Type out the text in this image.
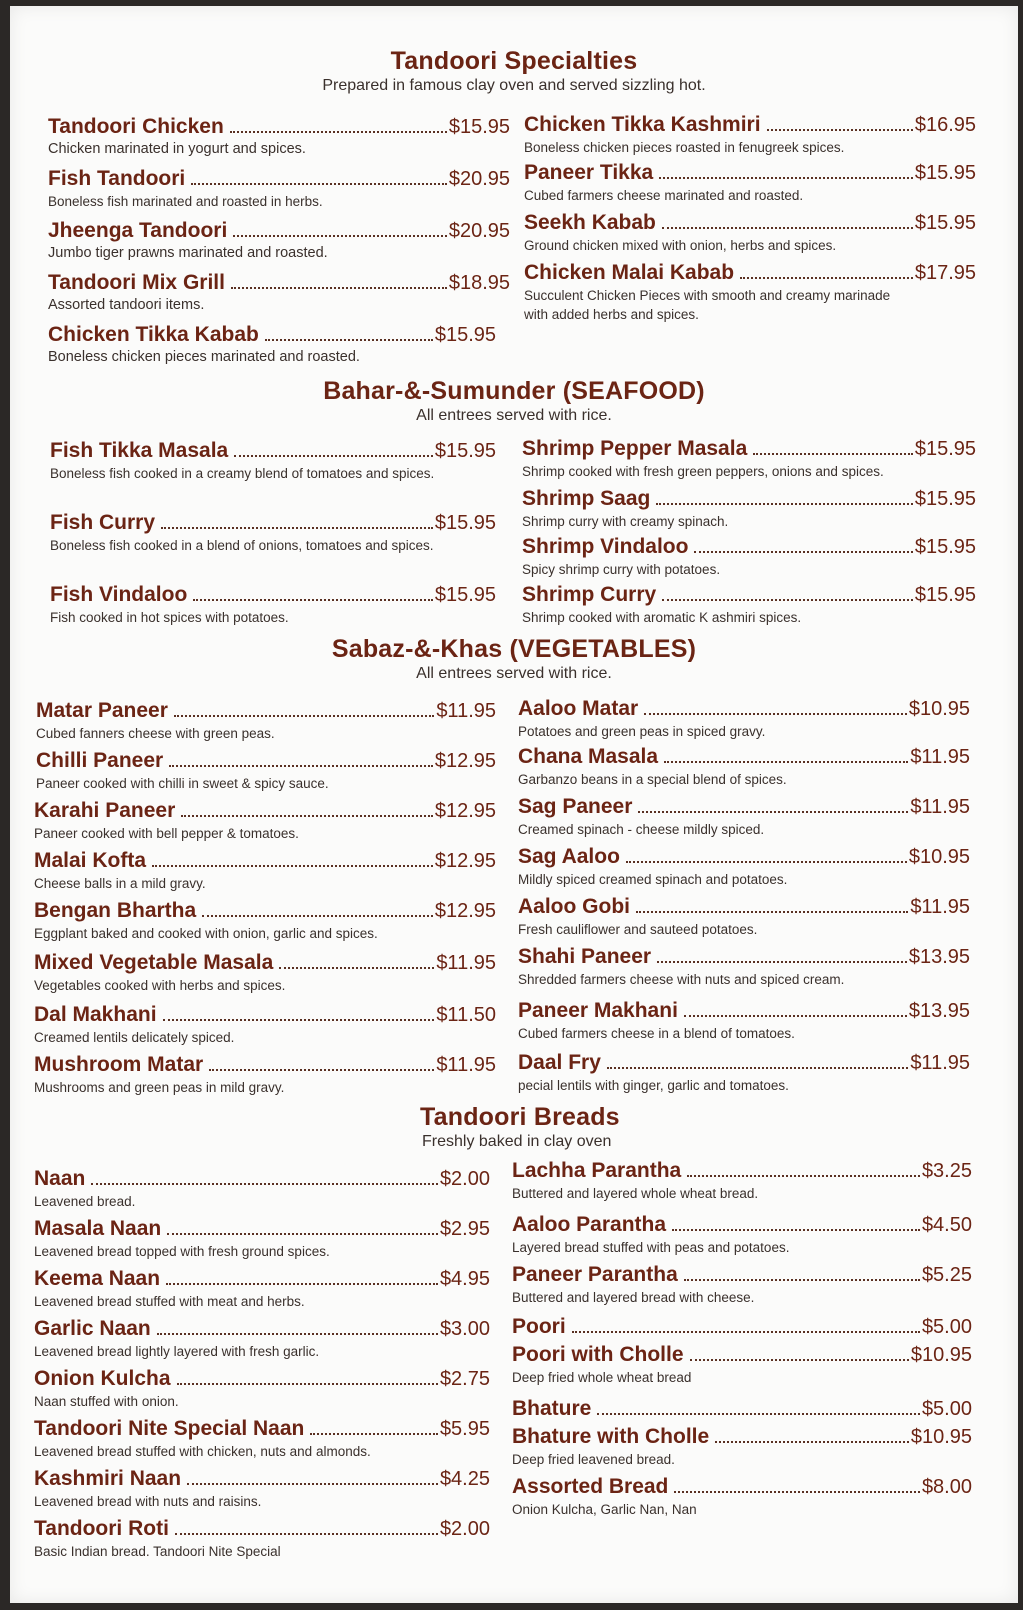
Tandoori Specialties
Prepared in famous clay oven and served sizzling hot.
Tandoori Chicken	$15.95
Chicken marinated in yogurt and spices.
Fish Tandoori	$20.95
Boneless fish marinated and roasted in herbs.
Jheenga Tandoori	$20.95
Jumbo tiger prawns marinated and roasted.
Tandoori Mix Grill	$18.95
Assorted tandoori items.
Chicken Tikka Kabab	$15.95
Boneless chicken pieces marinated and roasted.
Chicken Tikka Kashmiri	$16.95
Boneless chicken pieces roasted in fenugreek spices.
Paneer Tikka	$15.95
Cubed farmers cheese marinated and roasted.
Seekh Kabab	$15.95
Ground chicken mixed with onion, herbs and spices.
Chicken Malai Kabab	$17.95
Succulent Chicken Pieces with smooth and creamy marinade with added herbs and spices.
Bahar-&-Sumunder (SEAFOOD)
All entrees served with rice.
Fish Tikka Masala	$15.95
Boneless fish cooked in a creamy blend of tomatoes and spices.
Fish Curry	$15.95
Boneless fish cooked in a blend of onions, tomatoes and spices.
Fish Vindaloo	$15.95
Fish cooked in hot spices with potatoes.
Shrimp Pepper Masala	$15.95
Shrimp cooked with fresh green peppers, onions and spices.
Shrimp Saag	$15.95
Shrimp curry with creamy spinach.
Shrimp Vindaloo	$15.95
Spicy shrimp curry with potatoes.
Shrimp Curry	$15.95
Shrimp cooked with aromatic K ashmiri spices.
Sabaz-&-Khas (VEGETABLES)
All entrees served with rice.
Matar Paneer	$11.95
Cubed fanners cheese with green peas.
Chilli Paneer	$12.95
Paneer cooked with chilli in sweet & spicy sauce.
Karahi Paneer	$12.95
Paneer cooked with bell pepper & tomatoes.
Malai Kofta	$12.95
Cheese balls in a mild gravy.
Bengan Bhartha	$12.95
Eggplant baked and cooked with onion, garlic and spices.
Mixed Vegetable Masala	$11.95
Vegetables cooked with herbs and spices.
Dal Makhani	$11.50
Creamed lentils delicately spiced.
Mushroom Matar	$11.95
Mushrooms and green peas in mild gravy.
Aaloo Matar	$10.95
Potatoes and green peas in spiced gravy.
Chana Masala	$11.95
Garbanzo beans in a special blend of spices.
Sag Paneer	$11.95
Creamed spinach - cheese mildly spiced.
Sag Aaloo	$10.95
Mildly spiced creamed spinach and potatoes.
Aaloo Gobi	$11.95
Fresh cauliflower and sauteed potatoes.
Shahi Paneer	$13.95
Shredded farmers cheese with nuts and spiced cream.
Paneer Makhani	$13.95
Cubed farmers cheese in a blend of tomatoes.
Daal Fry	$11.95
pecial lentils with ginger, garlic and tomatoes.
Tandoori Breads
Freshly baked in clay oven
Naan	$2.00
Leavened bread.
Masala Naan	$2.95
Leavened bread topped with fresh ground spices.
Keema Naan	$4.95
Leavened bread stuffed with meat and herbs.
Garlic Naan	$3.00
Leavened bread lightly layered with fresh garlic.
Onion Kulcha	$2.75
Naan stuffed with onion.
Tandoori Nite Special Naan	$5.95
Leavened bread stuffed with chicken, nuts and almonds.
Kashmiri Naan	$4.25
Leavened bread with nuts and raisins.
Tandoori Roti	$2.00
Basic Indian bread. Tandoori Nite Special
Lachha Parantha	$3.25
Buttered and layered whole wheat bread.
Aaloo Parantha	$4.50
Layered bread stuffed with peas and potatoes.
Paneer Parantha	$5.25
Buttered and layered bread with cheese.
Poori	$5.00
Poori with Cholle	$10.95
Deep fried whole wheat bread
Bhature	$5.00
Bhature with Cholle	$10.95
Deep fried leavened bread.
Assorted Bread	$8.00
Onion Kulcha, Garlic Nan, Nan
